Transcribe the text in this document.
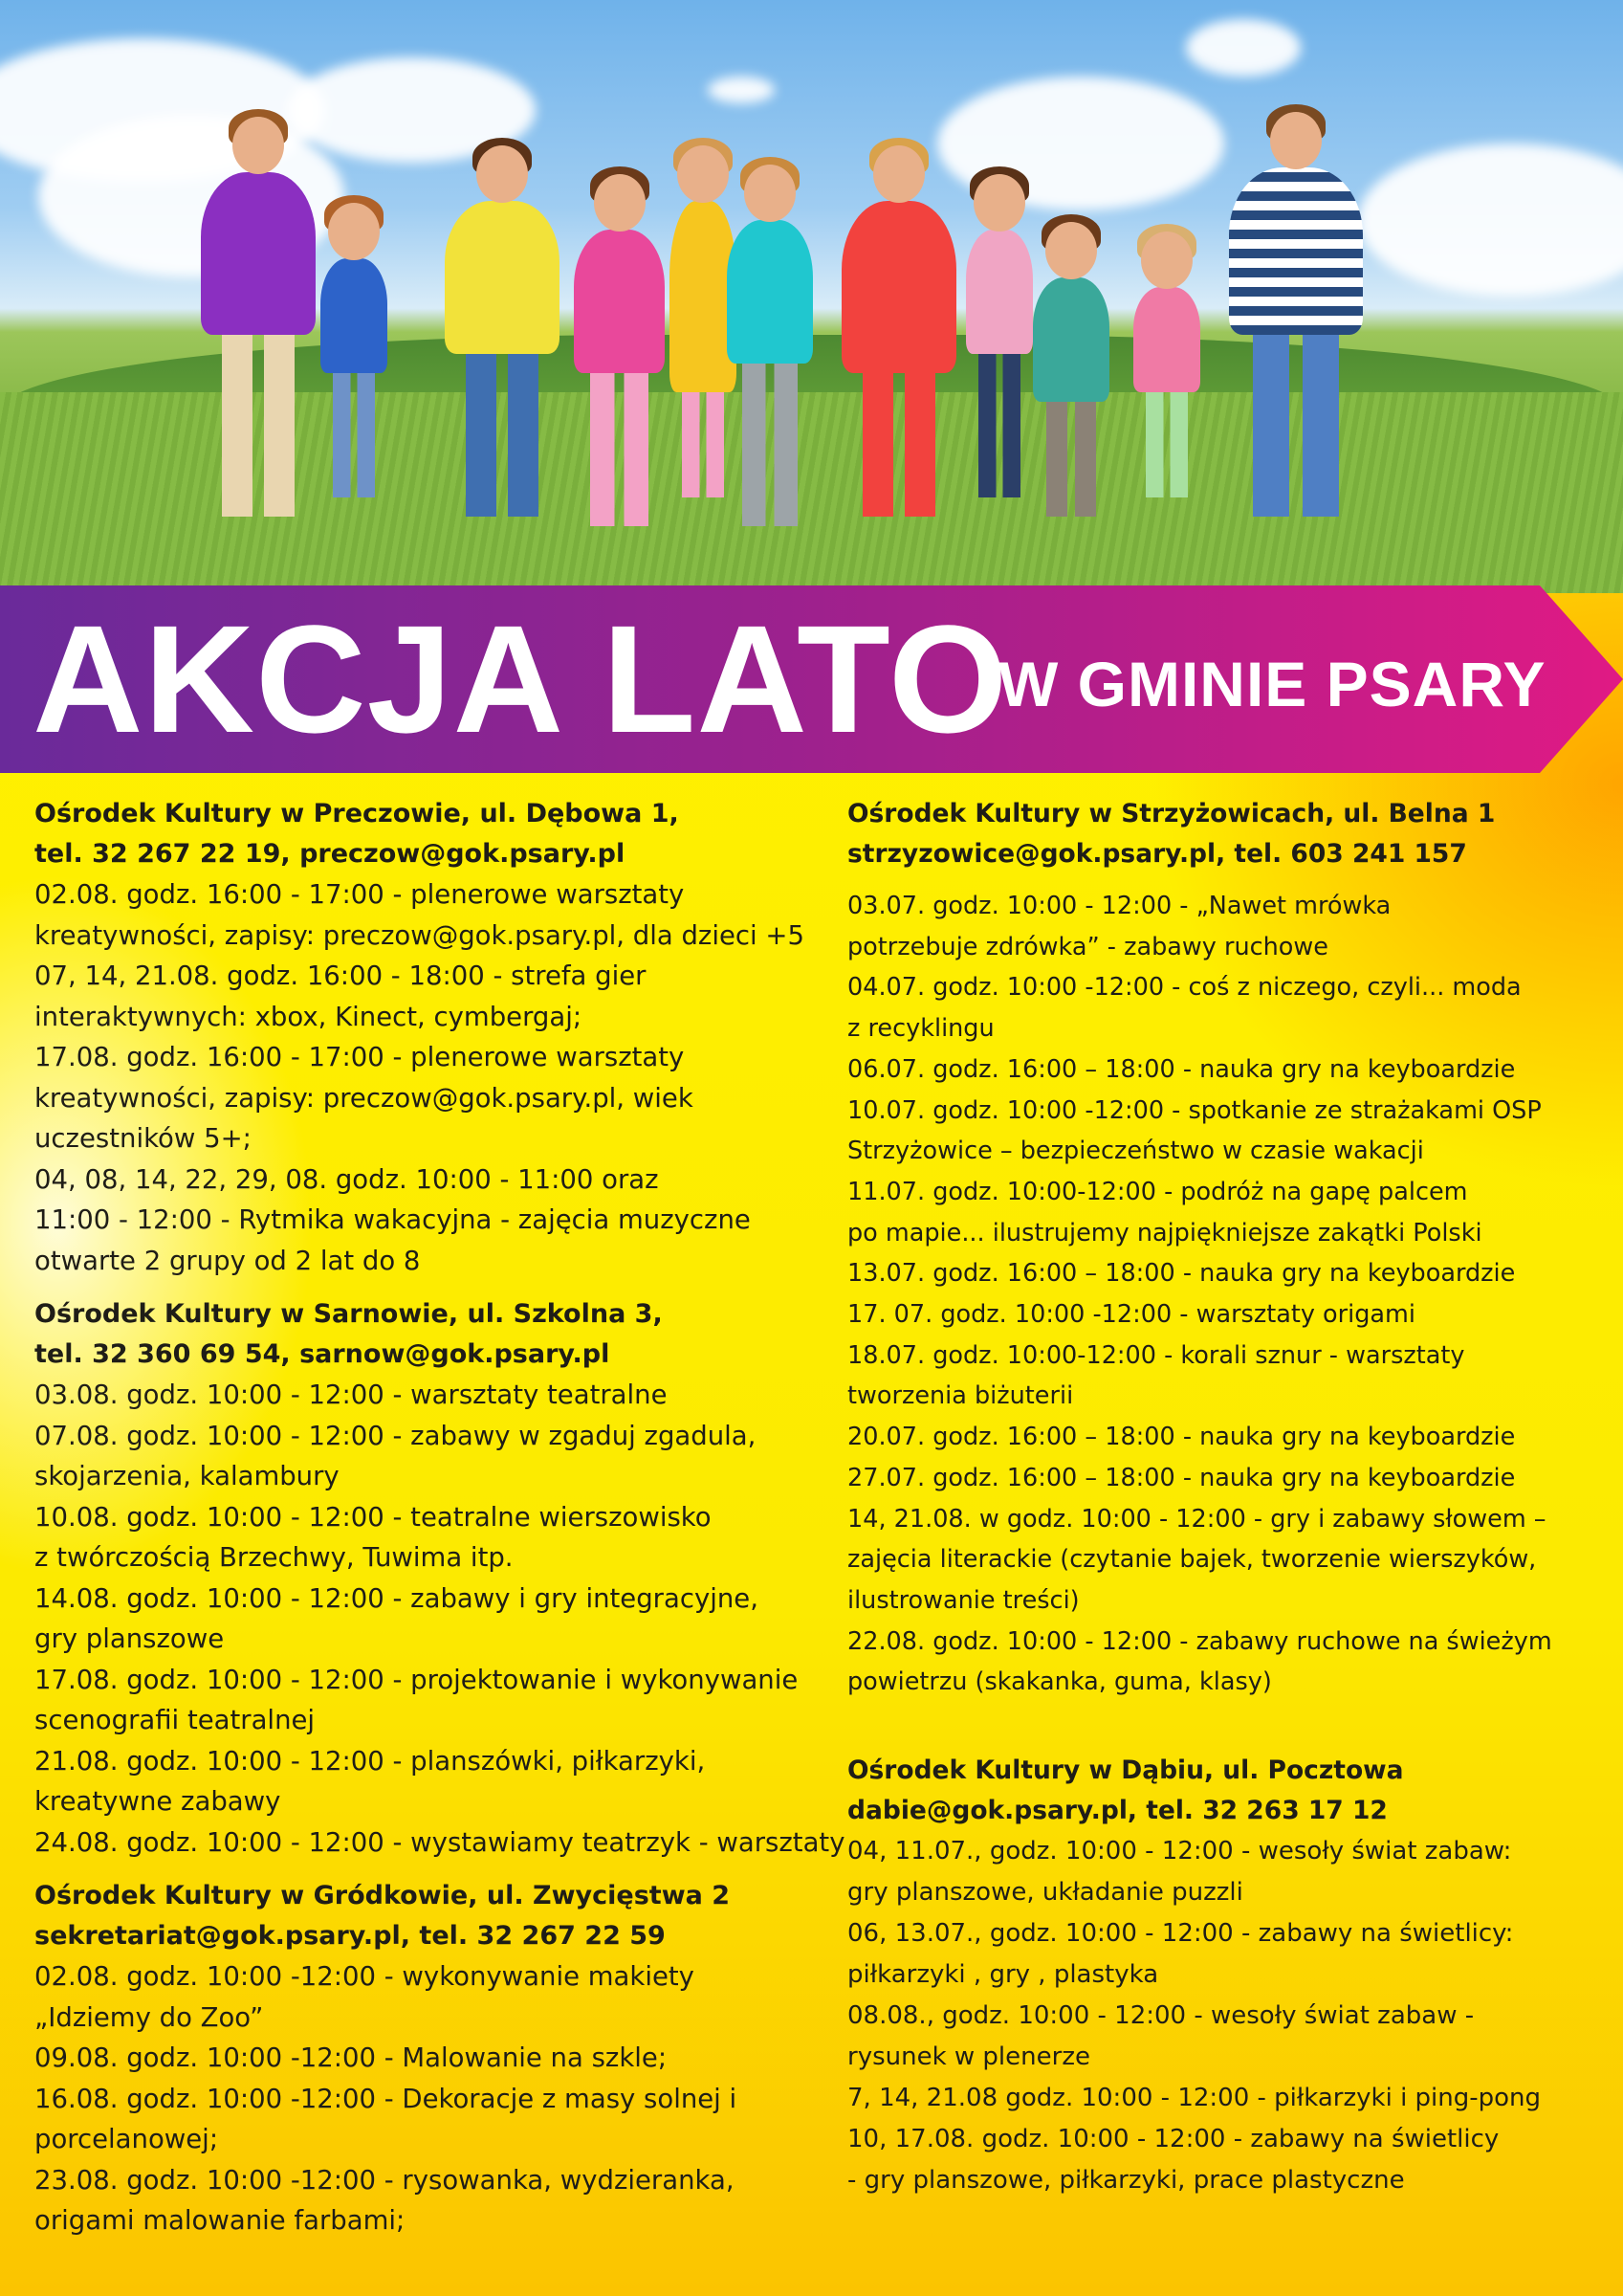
AKCJA LATO
W GMINIE PSARY

Ośrodek Kultury w Preczowie, ul. Dębowa 1,

tel. 32 267 22 19, preczow@gok.psary.pl

02.08. godz. 16:00 - 17:00 - plenerowe warsztaty

kreatywności, zapisy: preczow@gok.psary.pl, dla dzieci +5

07, 14, 21.08. godz. 16:00 - 18:00 - strefa gier

interaktywnych: xbox, Kinect, cymbergaj;

17.08. godz. 16:00 - 17:00 - plenerowe warsztaty

kreatywności, zapisy: preczow@gok.psary.pl, wiek

uczestników 5+;

04, 08, 14, 22, 29, 08. godz. 10:00 - 11:00 oraz

11:00 - 12:00 - Rytmika wakacyjna - zajęcia muzyczne

otwarte 2 grupy od 2 lat do 8

Ośrodek Kultury w Sarnowie, ul. Szkolna 3,

tel. 32 360 69 54, sarnow@gok.psary.pl

03.08. godz. 10:00 - 12:00 - warsztaty teatralne

07.08. godz. 10:00 - 12:00 - zabawy w zgaduj zgadula,

skojarzenia, kalambury

10.08. godz. 10:00 - 12:00 - teatralne wierszowisko

z twórczością Brzechwy, Tuwima itp.

14.08. godz. 10:00 - 12:00 - zabawy i gry integracyjne,

gry planszowe

17.08. godz. 10:00 - 12:00 - projektowanie i wykonywanie

scenografii teatralnej

21.08. godz. 10:00 - 12:00 - planszówki, piłkarzyki,

kreatywne zabawy

24.08. godz. 10:00 - 12:00 - wystawiamy teatrzyk - warsztaty

Ośrodek Kultury w Gródkowie, ul. Zwycięstwa 2

sekretariat@gok.psary.pl, tel. 32 267 22 59

02.08. godz. 10:00 -12:00 - wykonywanie makiety

„Idziemy do Zoo”

09.08. godz. 10:00 -12:00 - Malowanie na szkle;

16.08. godz. 10:00 -12:00 - Dekoracje z masy solnej i

porcelanowej;

23.08. godz. 10:00 -12:00 - rysowanka, wydzieranka,

origami malowanie farbami;

Ośrodek Kultury w Strzyżowicach, ul. Belna 1

strzyzowice@gok.psary.pl, tel. 603 241 157

03.07. godz. 10:00 - 12:00 - „Nawet mrówka

potrzebuje zdrówka” - zabawy ruchowe

04.07. godz. 10:00 -12:00 - coś z niczego, czyli... moda

z recyklingu

06.07. godz. 16:00 – 18:00 - nauka gry na keyboardzie

10.07. godz. 10:00 -12:00 - spotkanie ze strażakami OSP

Strzyżowice – bezpieczeństwo w czasie wakacji

11.07. godz. 10:00-12:00 - podróż na gapę palcem

po mapie... ilustrujemy najpiękniejsze zakątki Polski

13.07. godz. 16:00 – 18:00 - nauka gry na keyboardzie

17. 07. godz. 10:00 -12:00 - warsztaty origami

18.07. godz. 10:00-12:00 - korali sznur - warsztaty

tworzenia biżuterii

20.07. godz. 16:00 – 18:00 - nauka gry na keyboardzie

27.07. godz. 16:00 – 18:00 - nauka gry na keyboardzie

14, 21.08. w godz. 10:00 - 12:00 - gry i zabawy słowem –

zajęcia literackie (czytanie bajek, tworzenie wierszyków,

ilustrowanie treści)

22.08. godz. 10:00 - 12:00 - zabawy ruchowe na świeżym

powietrzu (skakanka, guma, klasy)

Ośrodek Kultury w Dąbiu, ul. Pocztowa

dabie@gok.psary.pl, tel. 32 263 17 12

04, 11.07., godz. 10:00 - 12:00 - wesoły świat zabaw:

gry planszowe, układanie puzzli

06, 13.07., godz. 10:00 - 12:00 - zabawy na świetlicy:

piłkarzyki , gry , plastyka

08.08., godz. 10:00 - 12:00 - wesoły świat zabaw -

rysunek w plenerze

7, 14, 21.08 godz. 10:00 - 12:00 - piłkarzyki i ping-pong

10, 17.08. godz. 10:00 - 12:00 - zabawy na świetlicy

- gry planszowe, piłkarzyki, prace plastyczne
